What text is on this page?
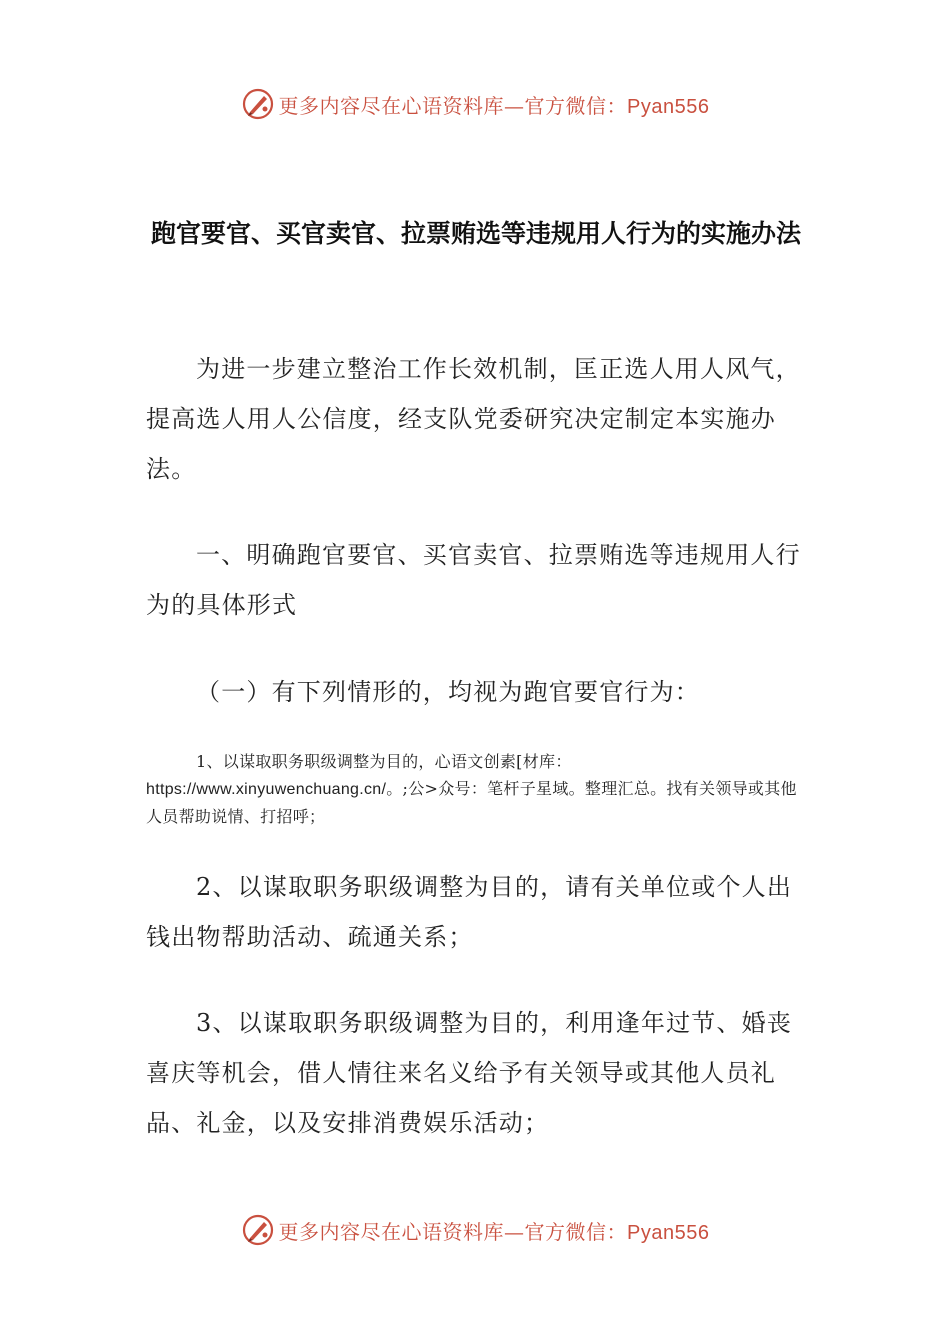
更多内容尽在心语资料库—官方微信：Pyan556
跑官要官、买官卖官、拉票贿选等违规用人行为的实施办法

为进一步建立整治工作长效机制，匡正选人用人风气，提高选人用人公信度，经支队党委研究决定制定本实施办法。

一、明确跑官要官、买官卖官、拉票贿选等违规用人行为的具体形式

（一）有下列情形的，均视为跑官要官行为：

1、以谋取职务职级调整为目的，心语文创素[材库：https://www.xinyuwenchuang.cn/。;公>众号：笔杆子星域。整理汇总。找有关领导或其他人员帮助说情、打招呼；

2、以谋取职务职级调整为目的，请有关单位或个人出钱出物帮助活动、疏通关系；

3、以谋取职务职级调整为目的，利用逢年过节、婚丧喜庆等机会，借人情往来名义给予有关领导或其他人员礼品、礼金，以及安排消费娱乐活动；

更多内容尽在心语资料库—官方微信：Pyan556
